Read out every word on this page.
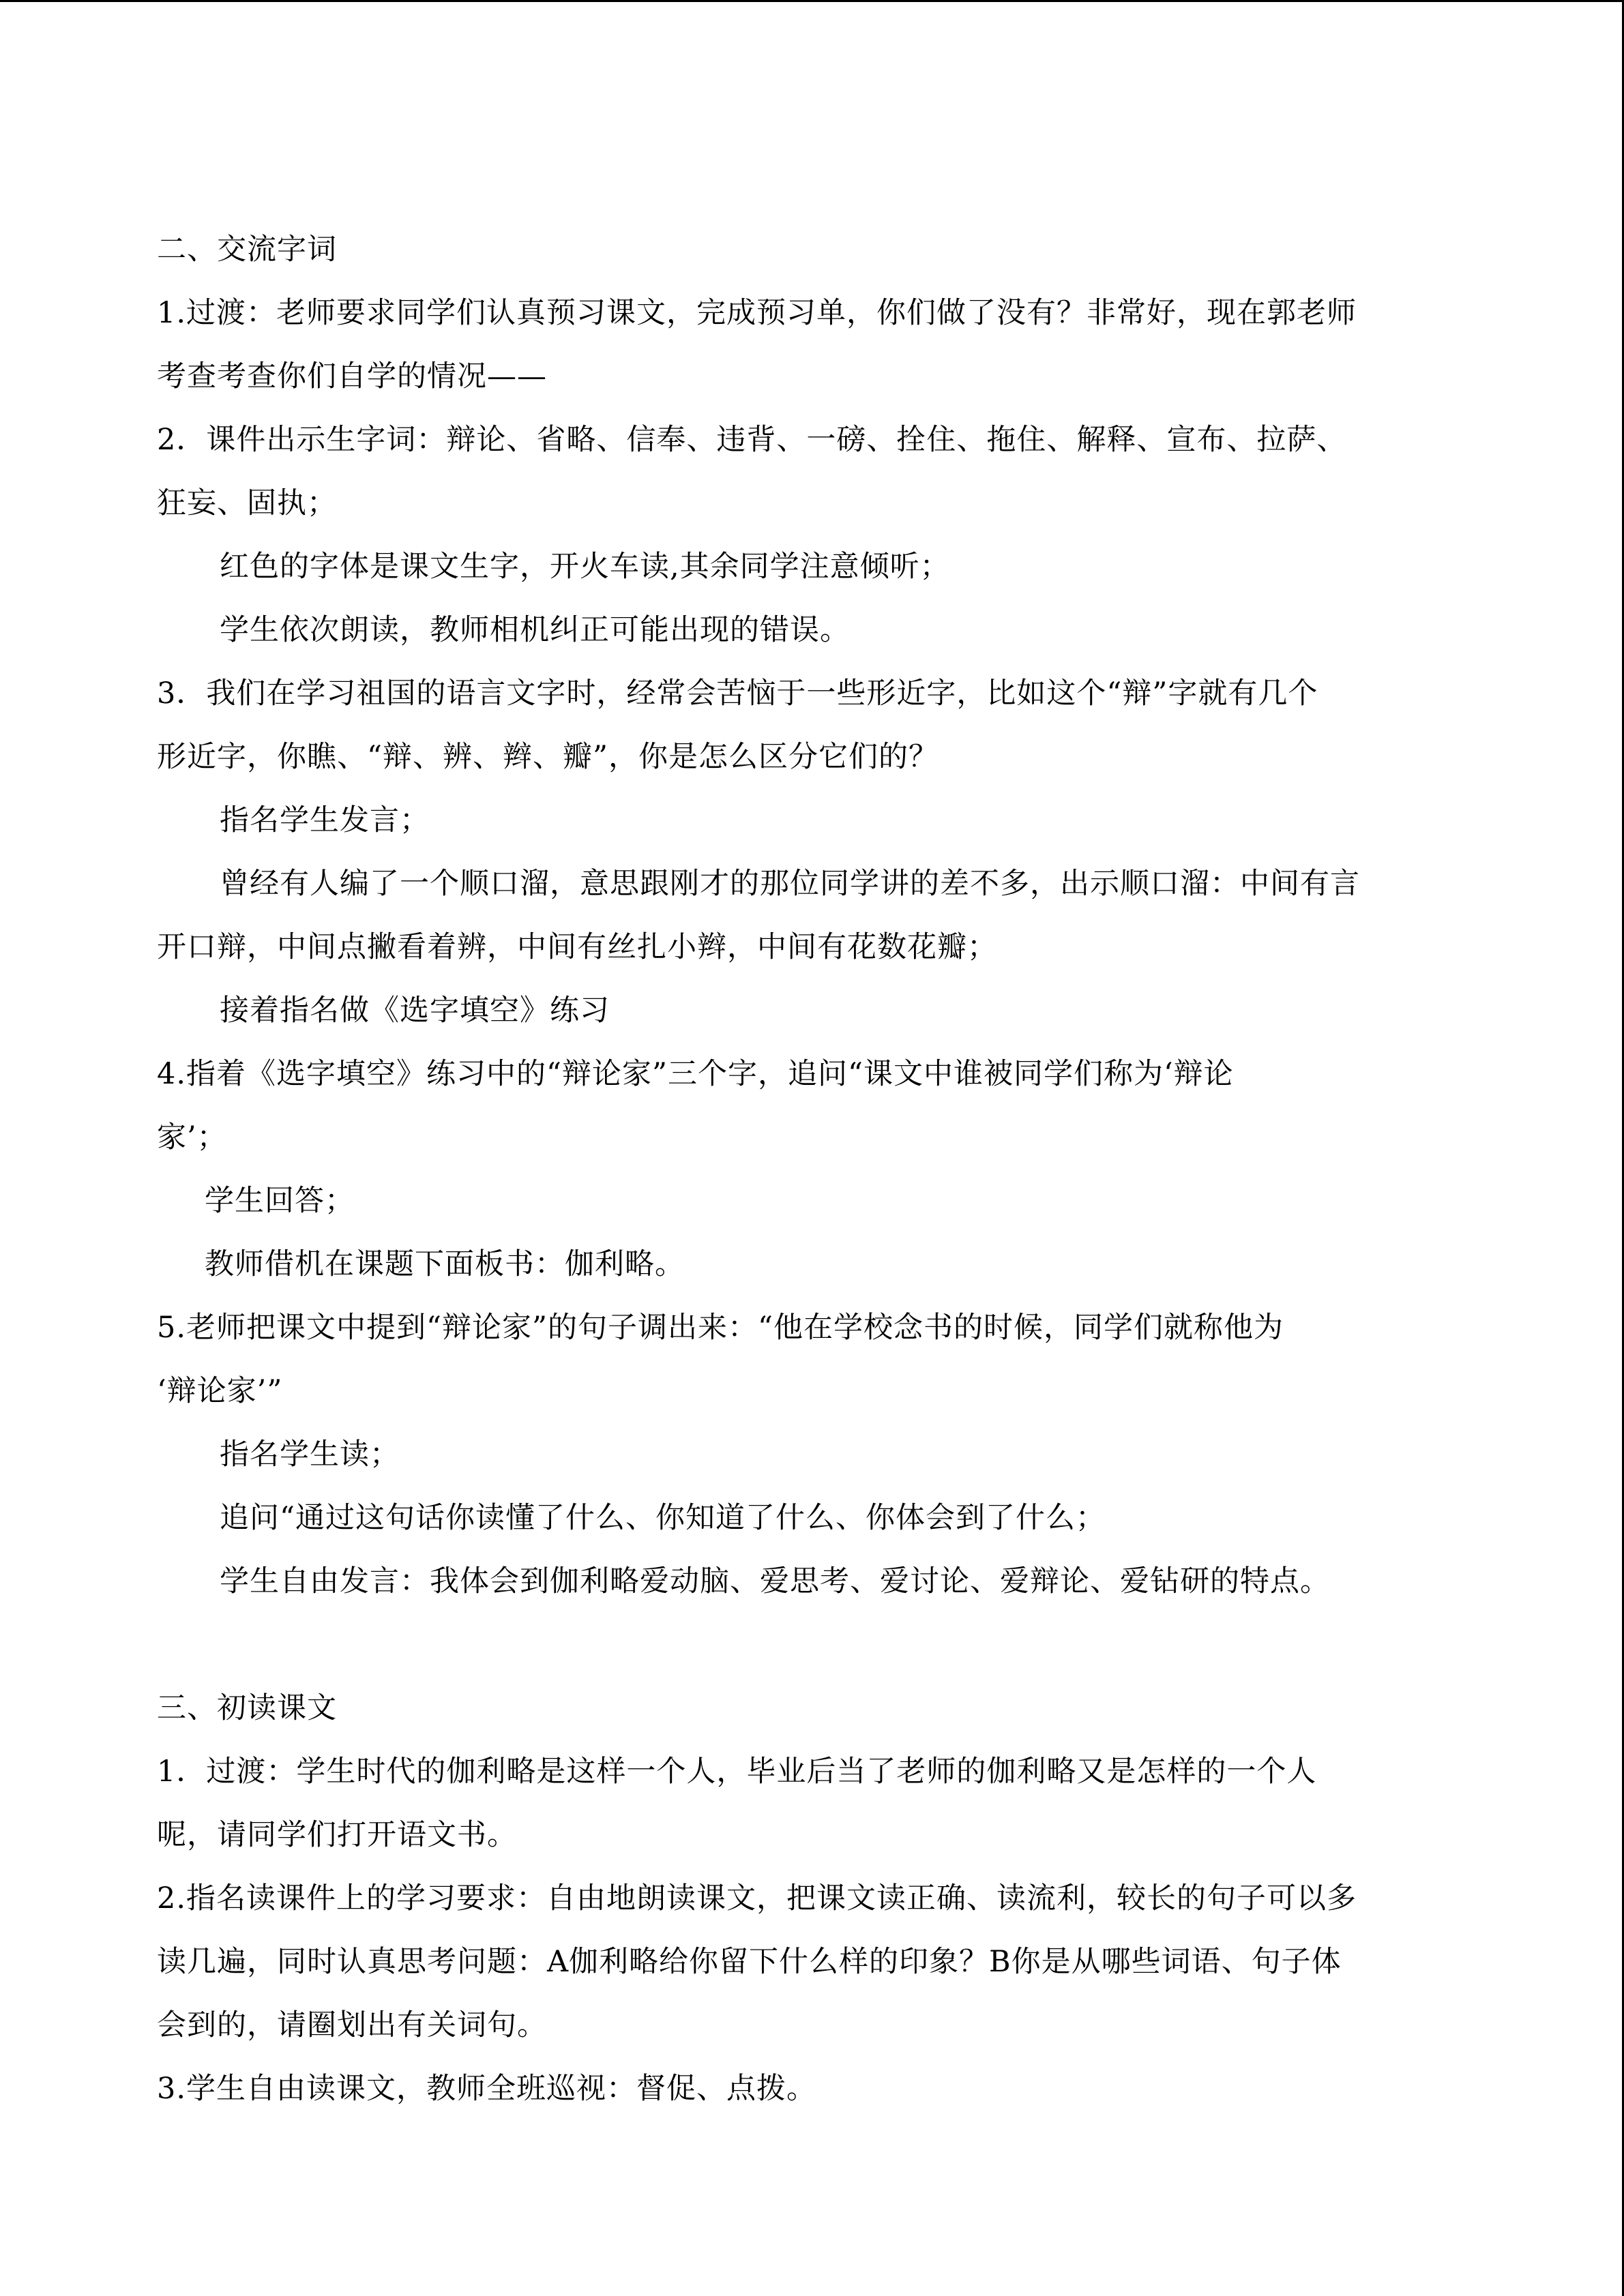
二、交流字词
1.过渡：老师要求同学们认真预习课文，完成预习单，你们做了没有？非常好，现在郭老师
考查考查你们自学的情况——
2．课件出示生字词：辩论、省略、信奉、违背、一磅、拴住、拖住、解释、宣布、拉萨、
狂妄、固执；
红色的字体是课文生字，开火车读,其余同学注意倾听；
学生依次朗读，教师相机纠正可能出现的错误。
3．我们在学习祖国的语言文字时，经常会苦恼于一些形近字，比如这个“辩”字就有几个
形近字，你瞧、“辩、辨、辫、瓣”，你是怎么区分它们的？
指名学生发言；
曾经有人编了一个顺口溜，意思跟刚才的那位同学讲的差不多，出示顺口溜：中间有言
开口辩，中间点撇看着辨，中间有丝扎小辫，中间有花数花瓣；
接着指名做《选字填空》练习
4.指着《选字填空》练习中的“辩论家”三个字，追问“课文中谁被同学们称为‘辩论
家’；
学生回答；
教师借机在课题下面板书：伽利略。
5.老师把课文中提到“辩论家”的句子调出来：“他在学校念书的时候，同学们就称他为
‘辩论家’”
指名学生读；
追问“通过这句话你读懂了什么、你知道了什么、你体会到了什么；
学生自由发言：我体会到伽利略爱动脑、爱思考、爱讨论、爱辩论、爱钻研的特点。
三、初读课文
1．过渡：学生时代的伽利略是这样一个人，毕业后当了老师的伽利略又是怎样的一个人
呢，请同学们打开语文书。
2.指名读课件上的学习要求：自由地朗读课文，把课文读正确、读流利，较长的句子可以多
读几遍，同时认真思考问题：A伽利略给你留下什么样的印象？B你是从哪些词语、句子体
会到的，请圈划出有关词句。
3.学生自由读课文，教师全班巡视：督促、点拨。
